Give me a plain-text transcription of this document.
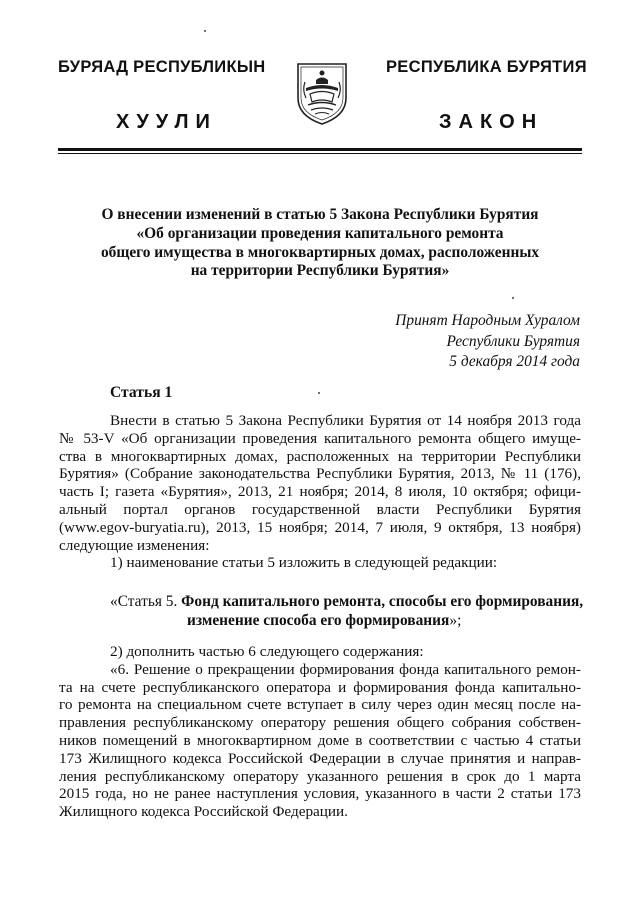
БУРЯАД РЕСПУБЛИКЫН	РЕСПУБЛИКА БУРЯТИЯ
ХУУЛИ	ЗАКОН
О внесении изменений в статью 5 Закона Республики Бурятия
«Об организации проведения капитального ремонта
общего имущества в многоквартирных домах, расположенных
на территории Республики Бурятия»
Принят Народным Хуралом
Республики Бурятия
5 декабря 2014 года
Статья 1
Внести в статью 5 Закона Республики Бурятия от 14 ноября 2013 года
№ 53-V «Об организации проведения капитального ремонта общего имуще-
ства в многоквартирных домах, расположенных на территории Республики
Бурятия» (Собрание законодательства Республики Бурятия, 2013, № 11 (176),
часть I; газета «Бурятия», 2013, 21 ноября; 2014, 8 июля, 10 октября; офици-
альный портал органов государственной власти Республики Бурятия
(www.egov-buryatia.ru), 2013, 15 ноября; 2014, 7 июля, 9 октября, 13 ноября)
следующие изменения:
1) наименование статьи 5 изложить в следующей редакции:
«Статья 5. Фонд капитального ремонта, способы его формирования,
изменение способа его формирования»;
2) дополнить частью 6 следующего содержания:
«6. Решение о прекращении формирования фонда капитального ремон-
та на счете республиканского оператора и формирования фонда капитально-
го ремонта на специальном счете вступает в силу через один месяц после на-
правления республиканскому оператору решения общего собрания собствен-
ников помещений в многоквартирном доме в соответствии с частью 4 статьи
173 Жилищного кодекса Российской Федерации в случае принятия и направ-
ления республиканскому оператору указанного решения в срок до 1 марта
2015 года, но не ранее наступления условия, указанного в части 2 статьи 173
Жилищного кодекса Российской Федерации.
